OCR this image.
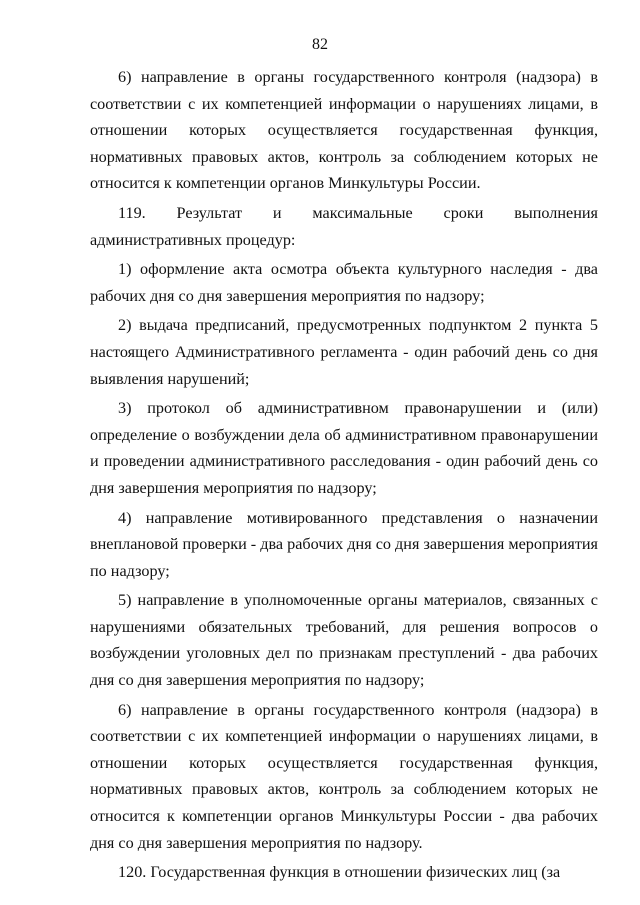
82

6) направление в органы государственного контроля (надзора) в соответствии с их компетенцией информации о нарушениях лицами, в отношении которых осуществляется государственная функция, нормативных правовых актов, контроль за соблюдением которых не относится к компетенции органов Минкультуры России.

119. Результат и максимальные сроки выполнения административных процедур:

1) оформление акта осмотра объекта культурного наследия - два рабочих дня со дня завершения мероприятия по надзору;

2) выдача предписаний, предусмотренных подпунктом 2 пункта 5 настоящего Административного регламента - один рабочий день со дня выявления нарушений;

3) протокол об административном правонарушении и (или) определение о возбуждении дела об административном правонарушении и проведении административного расследования - один рабочий день со дня завершения мероприятия по надзору;

4) направление мотивированного представления о назначении внеплановой проверки - два рабочих дня со дня завершения мероприятия по надзору;

5) направление в уполномоченные органы материалов, связанных с нарушениями обязательных требований, для решения вопросов о возбуждении уголовных дел по признакам преступлений - два рабочих дня со дня завершения мероприятия по надзору;

6) направление в органы государственного контроля (надзора) в соответствии с их компетенцией информации о нарушениях лицами, в отношении которых осуществляется государственная функция, нормативных правовых актов, контроль за соблюдением которых не относится к компетенции органов Минкультуры России - два рабочих дня со дня завершения мероприятия по надзору.

120. Государственная функция в отношении физических лиц (за
